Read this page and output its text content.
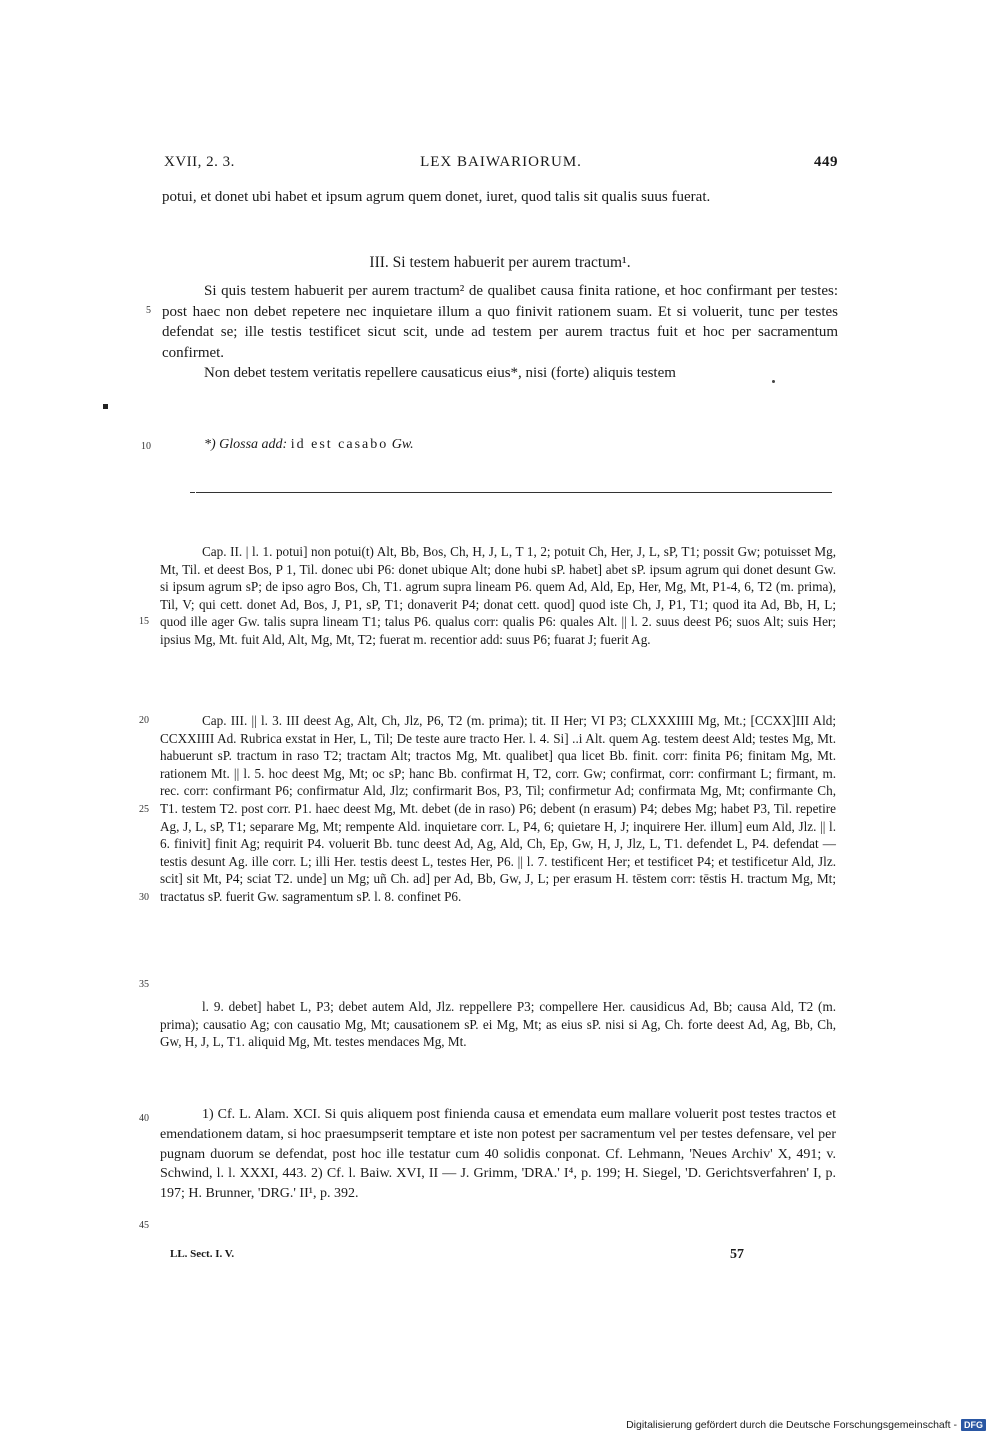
XVII, 2. 3.	LEX BAIWARIORUM.	449

potui, et donet ubi habet et ipsum agrum quem donet, iuret, quod talis sit qualis suus fuerat.

III. Si testem habuerit per aurem tractum¹.

Si quis testem habuerit per aurem tractum² de qualibet causa finita ratione, et hoc confirmant per testes: post haec non debet repetere nec inquietare illum a quo finivit rationem suam. Et si voluerit, tunc per testes defendat se; ille testis testificet sicut scit, unde ad testem per aurem tractus fuit et hoc per sacramentum confirmet.

Non debet testem veritatis repellere causaticus eius*, nisi (forte) aliquis testem

5
10
15
20
25
30
35
40
45
*) Glossa add: id est casabo Gw.

Cap. II. | l. 1. potui] non potui(t) Alt, Bb, Bos, Ch, H, J, L, T 1, 2; potuit Ch, Her, J, L, sP, T1; possit Gw; potuisset Mg, Mt, Til. et deest Bos, P 1, Til. donec ubi P6: donet ubique Alt; done hubi sP. habet] abet sP. ipsum agrum qui donet desunt Gw. si ipsum agrum sP; de ipso agro Bos, Ch, T1. agrum supra lineam P6. quem Ad, Ald, Ep, Her, Mg, Mt, P1-4, 6, T2 (m. prima), Til, V; qui cett. donet Ad, Bos, J, P1, sP, T1; donaverit P4; donat cett. quod] quod iste Ch, J, P1, T1; quod ita Ad, Bb, H, L; quod ille ager Gw. talis supra lineam T1; talus P6. qualus corr: qualis P6: quales Alt. || l. 2. suus deest P6; suos Alt; suis Her; ipsius Mg, Mt. fuit Ald, Alt, Mg, Mt, T2; fuerat m. recentior add: suus P6; fuarat J; fuerit Ag.

Cap. III. || l. 3. III deest Ag, Alt, Ch, Jlz, P6, T2 (m. prima); tit. II Her; VI P3; CLXXXIIII Mg, Mt.; [CCXX]III Ald; CCXXIIII Ad. Rubrica exstat in Her, L, Til; De teste aure tracto Her. l. 4. Si] ..i Alt. quem Ag. testem deest Ald; testes Mg, Mt. habuerunt sP. tractum in raso T2; tractam Alt; tractos Mg, Mt. qualibet] qua licet Bb. finit. corr: finita P6; finitam Mg, Mt. rationem Mt. || l. 5. hoc deest Mg, Mt; oc sP; hanc Bb. confirmat H, T2, corr. Gw; confirmat, corr: confirmant L; firmant, m. rec. corr: confirmant P6; confirmatur Ald, Jlz; confirmarit Bos, P3, Til; confirmetur Ad; confirmata Mg, Mt; confirmante Ch, T1. testem T2. post corr. P1. haec deest Mg, Mt. debet (de in raso) P6; debent (n erasum) P4; debes Mg; habet P3, Til. repetire Ag, J, L, sP, T1; separare Mg, Mt; rempente Ald. inquietare corr. L, P4, 6; quietare H, J; inquirere Her. illum] eum Ald, Jlz. || l. 6. finivit] finit Ag; requirit P4. voluerit Bb. tunc deest Ad, Ag, Ald, Ch, Ep, Gw, H, J, Jlz, L, T1. defendet L, P4. defendat — testis desunt Ag. ille corr. L; illi Her. testis deest L, testes Her, P6. || l. 7. testificent Her; et testificet P4; et testificetur Ald, Jlz. scit] sit Mt, P4; sciat T2. unde] un Mg; uñ Ch. ad] per Ad, Bb, Gw, J, L; per erasum H. tēstem corr: tēstis H. tractum Mg, Mt; tractatus sP. fuerit Gw. sagramentum sP. l. 8. confinet P6.

l. 9. debet] habet L, P3; debet autem Ald, Jlz. reppellere P3; compellere Her. causidicus Ad, Bb; causa Ald, T2 (m. prima); causatio Ag; con causatio Mg, Mt; causationem sP. ei Mg, Mt; as eius sP. nisi si Ag, Ch. forte deest Ad, Ag, Bb, Ch, Gw, H, J, L, T1. aliquid Mg, Mt. testes mendaces Mg, Mt.

1) Cf. L. Alam. XCI. Si quis aliquem post finienda causa et emendata eum mallare voluerit post testes tractos et emendationem datam, si hoc praesumpserit temptare et iste non potest per sacramentum vel per testes defensare, vel per pugnam duorum se defendat, post hoc ille testatur cum 40 solidis conponat. Cf. Lehmann, 'Neues Archiv' X, 491; v. Schwind, l. l. XXXI, 443. 2) Cf. l. Baiw. XVI, II — J. Grimm, 'DRA.' I⁴, p. 199; H. Siegel, 'D. Gerichtsverfahren' I, p. 197; H. Brunner, 'DRG.' II¹, p. 392.

LL. Sect. I. V.	57
Digitalisierung gefördert durch die Deutsche Forschungsgemeinschaft - DFG
